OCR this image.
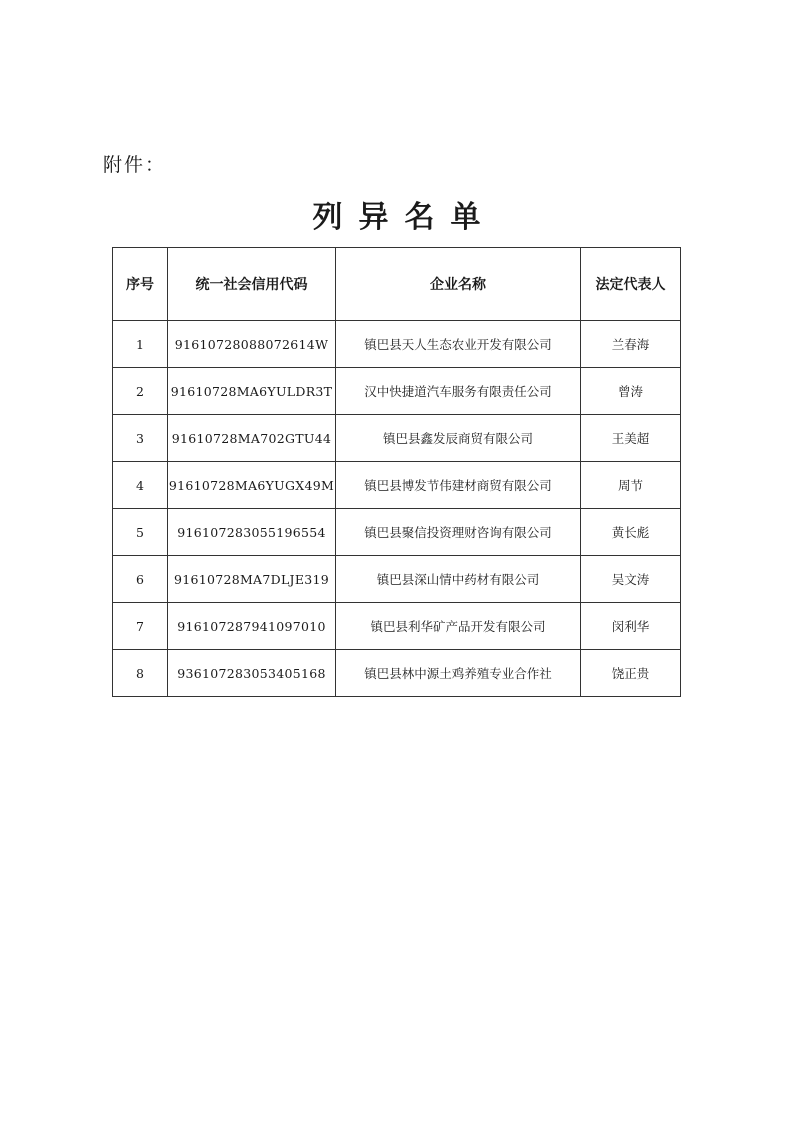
附件：
列异名单
序号	统一社会信用代码	企业名称	法定代表人
1	91610728088072614W	镇巴县天人生态农业开发有限公司	兰春海
2	91610728MA6YULDR3T	汉中快捷道汽车服务有限责任公司	曾涛
3	91610728MA702GTU44	镇巴县鑫发辰商贸有限公司	王美超
4	91610728MA6YUGX49M	镇巴县博发节伟建材商贸有限公司	周节
5	916107283055196554	镇巴县聚信投资理财咨询有限公司	黄长彪
6	91610728MA7DLJE319	镇巴县深山情中药材有限公司	吴文涛
7	916107287941097010	镇巴县利华矿产品开发有限公司	闵利华
8	936107283053405168	镇巴县林中源土鸡养殖专业合作社	饶正贵
